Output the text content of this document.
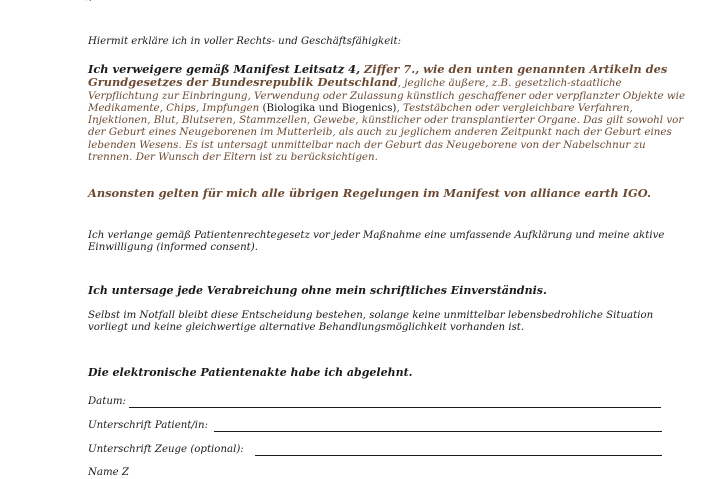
Hiermit erkläre ich in voller Rechts- und Geschäftsfähigkeit:
Ich verweigere gemäß Manifest Leitsatz 4, Ziffer 7., wie den unten genannten Artikeln des Grundgesetzes der Bundesrepublik Deutschland, jegliche äußere, z.B. gesetzlich-staatliche Verpflichtung zur Einbringung, Verwendung oder Zulassung künstlich geschaffener oder verpflanzter Objekte wie Medikamente, Chips, Impfungen (Biologika und Biogenics), Teststäbchen oder vergleichbare Verfahren, Injektionen, Blut, Blutseren, Stammzellen, Gewebe, künstlicher oder transplantierter Organe. Das gilt sowohl vor der Geburt eines Neugeborenen im Mutterleib, als auch zu jeglichem anderen Zeitpunkt nach der Geburt eines lebenden Wesens. Es ist untersagt unmittelbar nach der Geburt das Neugeborene von der Nabelschnur zu trennen. Der Wunsch der Eltern ist zu berücksichtigen.
Ansonsten gelten für mich alle übrigen Regelungen im Manifest von alliance earth IGO.
Ich verlange gemäß Patientenrechtegesetz vor jeder Maßnahme eine umfassende Aufklärung und meine aktive Einwilligung (informed consent).
Ich untersage jede Verabreichung ohne mein schriftliches Einverständnis.
Selbst im Notfall bleibt diese Entscheidung bestehen, solange keine unmittelbar lebensbedrohliche Situation vorliegt und keine gleichwertige alternative Behandlungsmöglichkeit vorhanden ist.
Die elektronische Patientenakte habe ich abgelehnt.
Datum:
Unterschrift Patient/in:
Unterschrift Zeuge (optional):
Name Z
